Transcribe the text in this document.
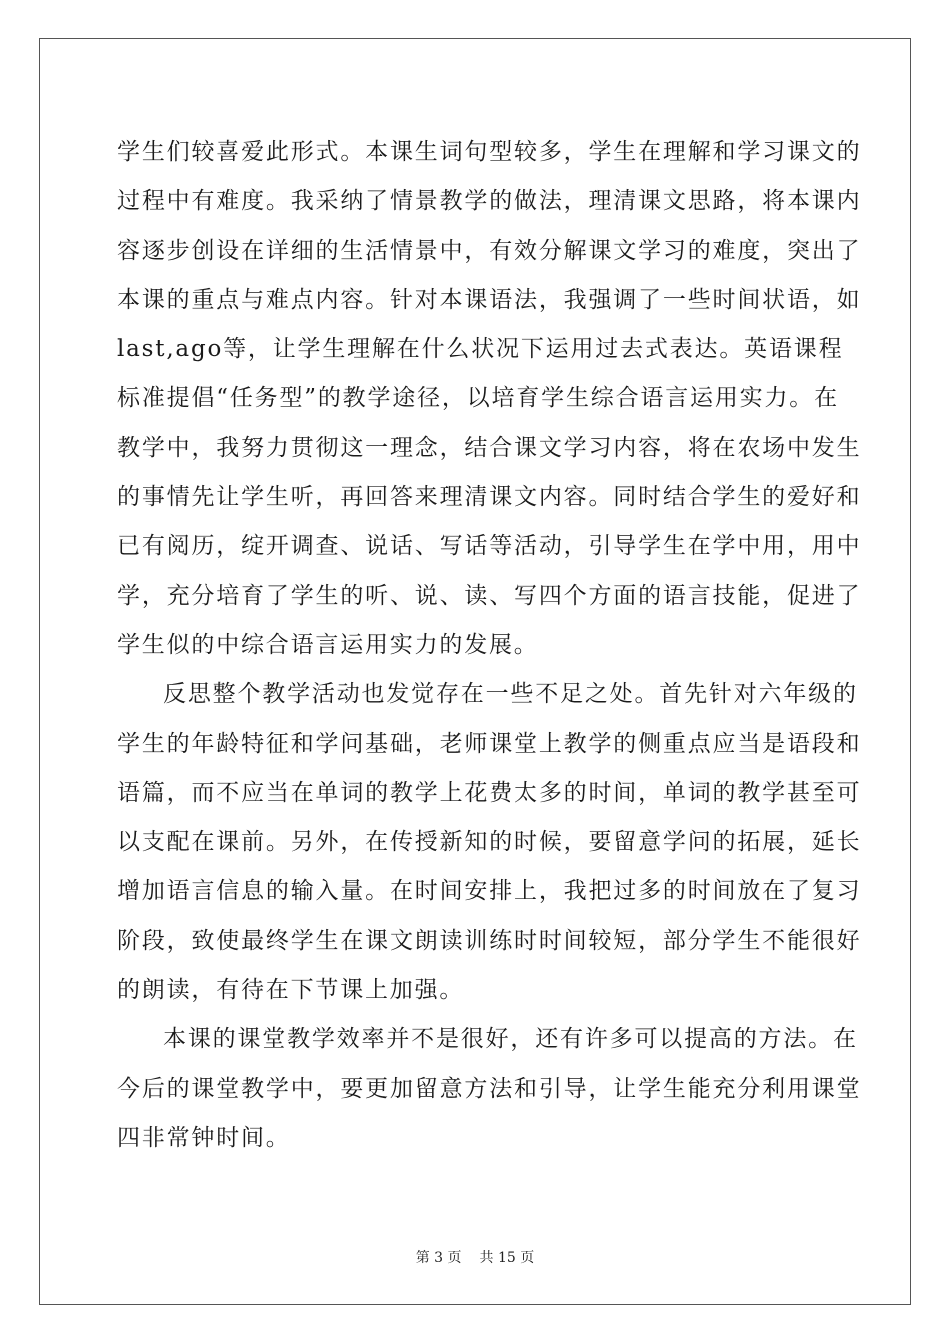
学 生 们 较 喜 爱 此 形 式 。 本 课 生 词 句 型 较 多 ， 学 生 在 理 解 和 学 习 课 文 的
过 程 中 有 难 度 。 我 采 纳 了 情 景 教 学 的 做 法 ， 理 清 课 文 思 路 ， 将 本 课 内
容 逐 步 创 设 在 详 细 的 生 活 情 景 中 ， 有 效 分 解 课 文 学 习 的 难 度 ， 突 出 了
本 课 的 重 点 与 难 点 内 容 。 针 对 本 课 语 法 ， 我 强 调 了 一 些 时 间 状 语 ， 如
last,ago 等 ， 让 学 生 理 解 在 什 么 状 况 下 运 用 过 去 式 表 达 。 英 语 课 程
标 准 提 倡 “ 任 务 型 ” 的 教 学 途 径 ， 以 培 育 学 生 综 合 语 言 运 用 实 力 。 在
教 学 中 ， 我 努 力 贯 彻 这 一 理 念 ， 结 合 课 文 学 习 内 容 ， 将 在 农 场 中 发 生
的 事 情 先 让 学 生 听 ， 再 回 答 来 理 清 课 文 内 容 。 同 时 结 合 学 生 的 爱 好 和
已 有 阅 历 ， 绽 开 调 查 、 说 话 、 写 话 等 活 动 ， 引 导 学 生 在 学 中 用 ， 用 中
学 ， 充 分 培 育 了 学 生 的 听 、 说 、 读 、 写 四 个 方 面 的 语 言 技 能 ， 促 进 了
学生似的中综合语言运用实力的发展。
反 思 整 个 教 学 活 动 也 发 觉 存 在 一 些 不 足 之 处 。 首 先 针 对 六 年 级 的
学 生 的 年 龄 特 征 和 学 问 基 础 ， 老 师 课 堂 上 教 学 的 侧 重 点 应 当 是 语 段 和
语 篇 ， 而 不 应 当 在 单 词 的 教 学 上 花 费 太 多 的 时 间 ， 单 词 的 教 学 甚 至 可
以 支 配 在 课 前 。 另 外 ， 在 传 授 新 知 的 时 候 ， 要 留 意 学 问 的 拓 展 ， 延 长
增 加 语 言 信 息 的 输 入 量 。 在 时 间 安 排 上 ， 我 把 过 多 的 时 间 放 在 了 复 习
阶 段 ， 致 使 最 终 学 生 在 课 文 朗 读 训 练 时 时 间 较 短 ， 部 分 学 生 不 能 很 好
的朗读，有待在下节课上加强。
本 课 的 课 堂 教 学 效 率 并 不 是 很 好 ， 还 有 许 多 可 以 提 高 的 方 法 。 在
今 后 的 课 堂 教 学 中 ， 要 更 加 留 意 方 法 和 引 导 ， 让 学 生 能 充 分 利 用 课 堂
四非常钟时间。
第 3 页 共 15 页
